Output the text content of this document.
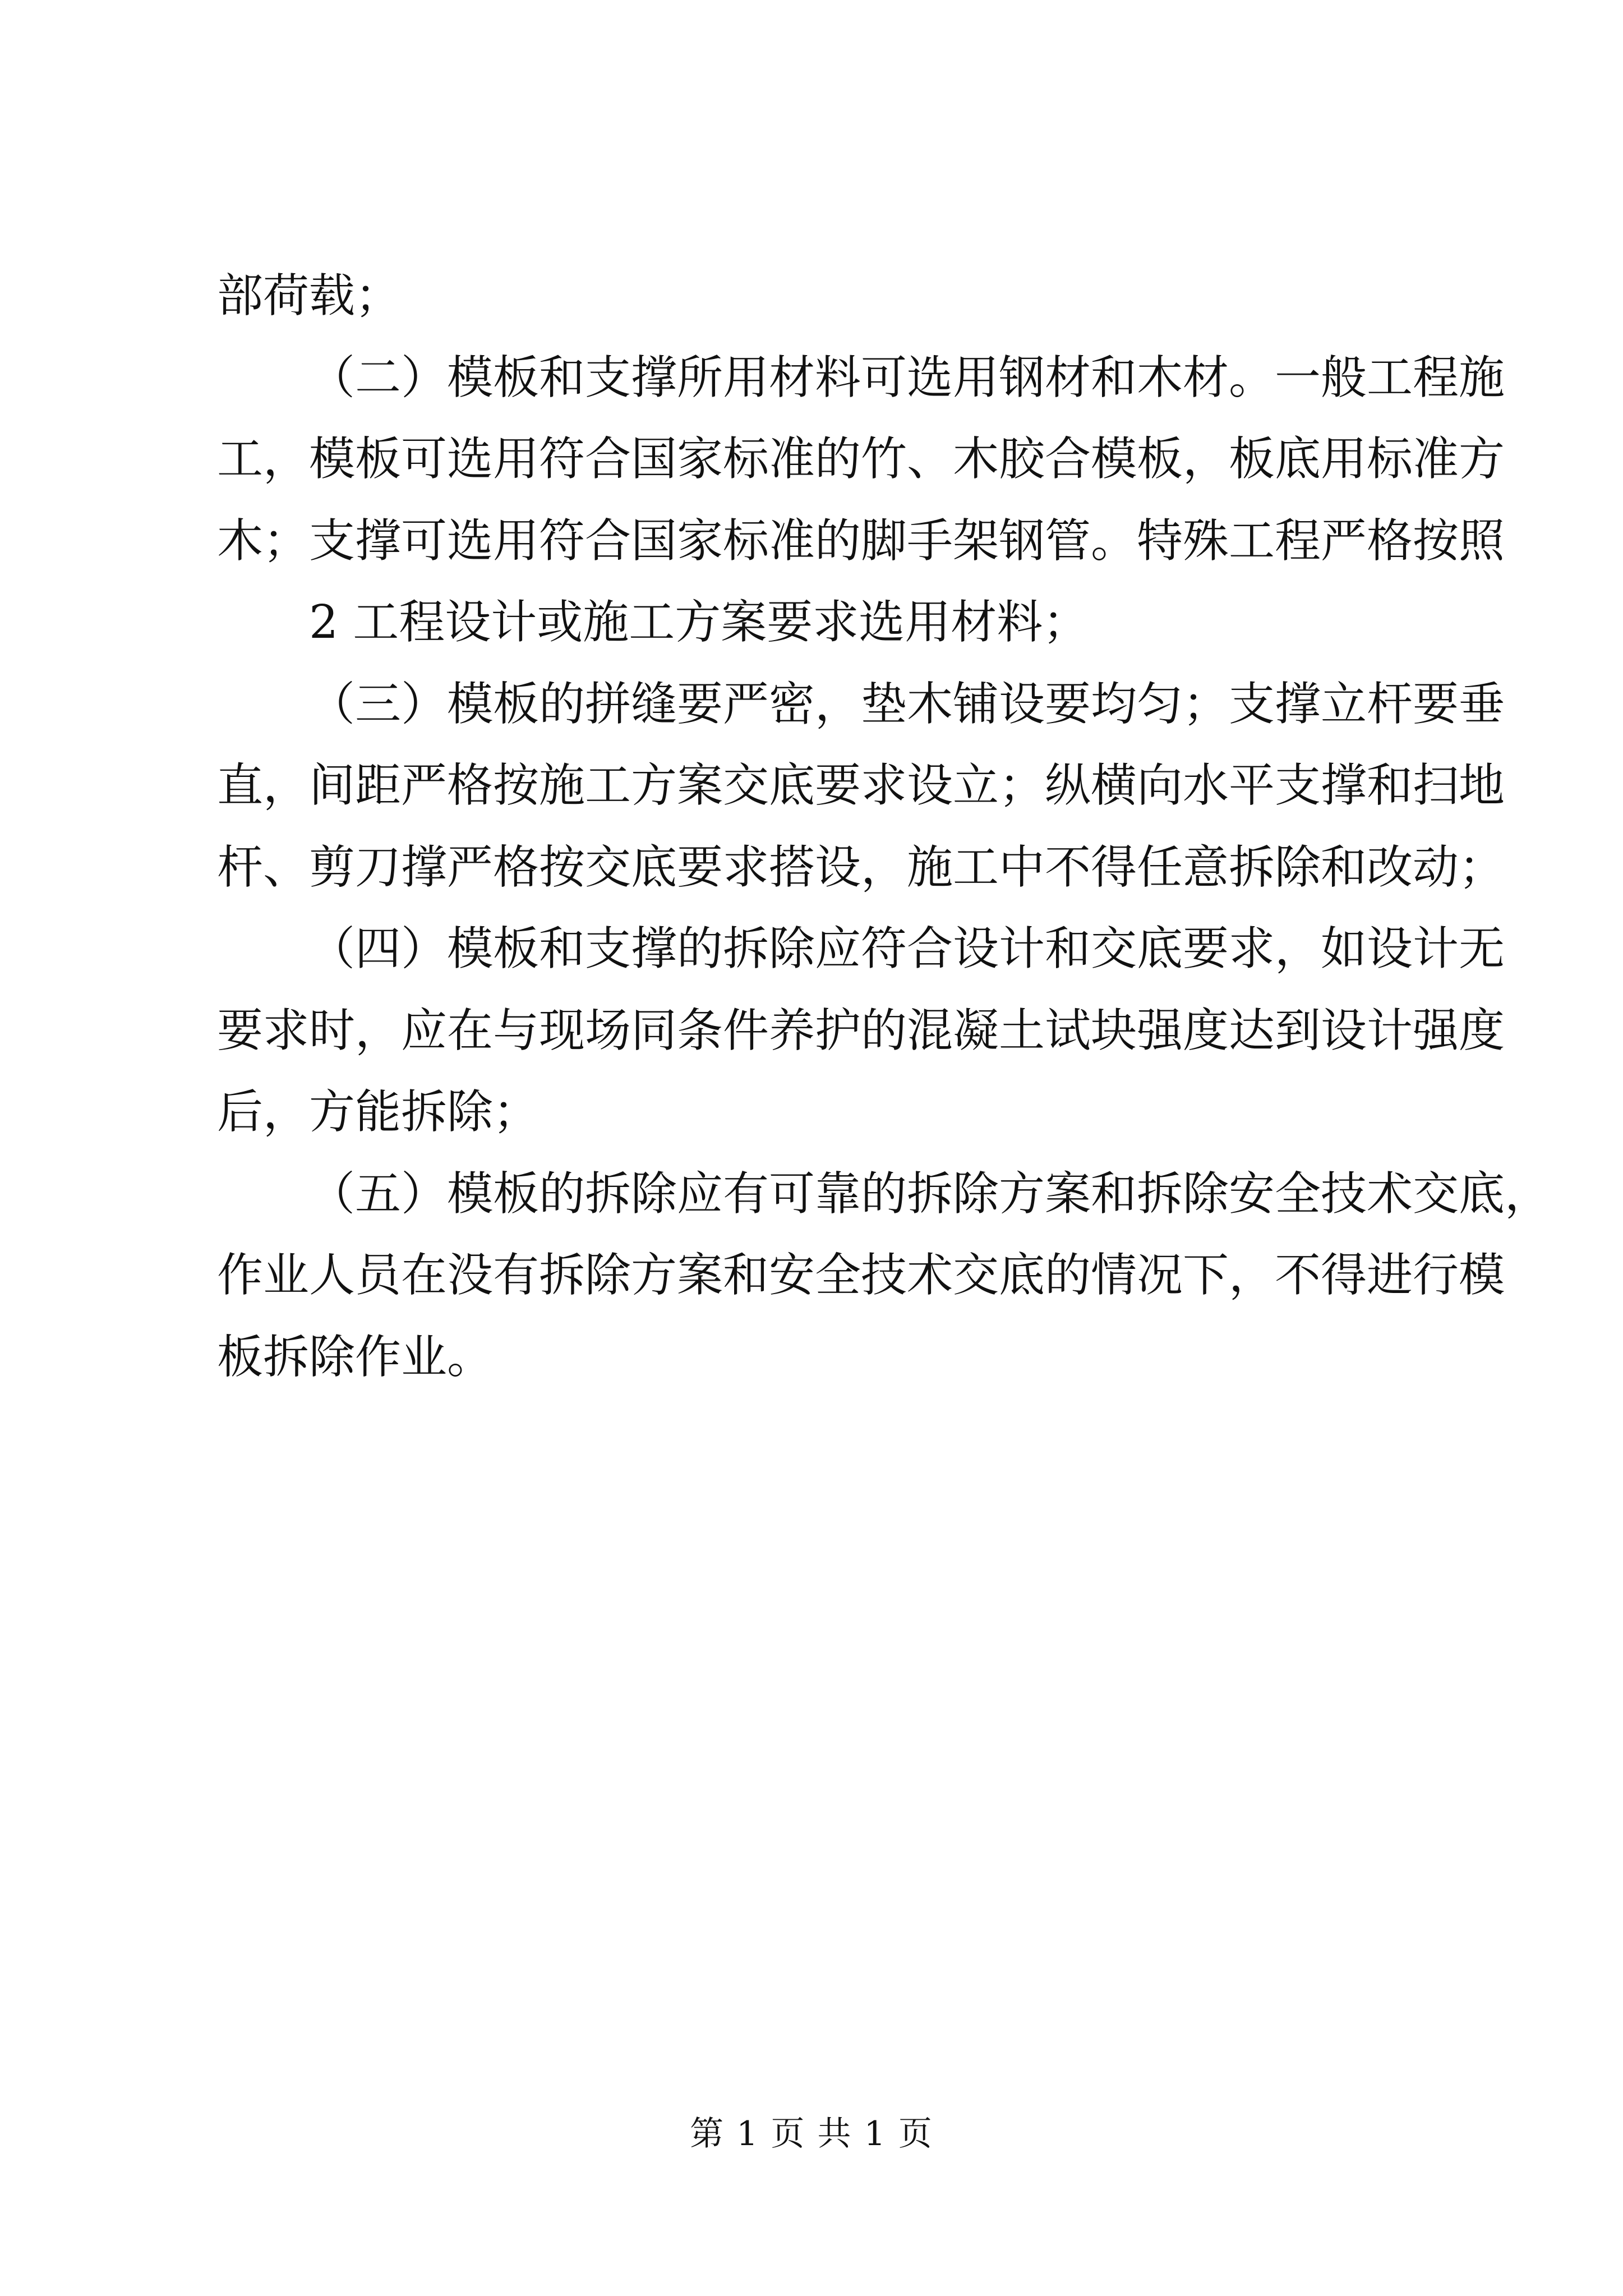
部荷载；
（二）模板和支撑所用材料可选用钢材和木材。一般工程施
工，模板可选用符合国家标准的竹、木胶合模板，板底用标准方
木；支撑可选用符合国家标准的脚手架钢管。特殊工程严格按照
2 工程设计或施工方案要求选用材料；
（三）模板的拼缝要严密，垫木铺设要均匀；支撑立杆要垂
直，间距严格按施工方案交底要求设立；纵横向水平支撑和扫地
杆、剪刀撑严格按交底要求搭设，施工中不得任意拆除和改动；
（四）模板和支撑的拆除应符合设计和交底要求，如设计无
要求时，应在与现场同条件养护的混凝土试块强度达到设计强度
后，方能拆除；
（五）模板的拆除应有可靠的拆除方案和拆除安全技术交底，
作业人员在没有拆除方案和安全技术交底的情况下，不得进行模
板拆除作业。
第 1 页 共 1 页
